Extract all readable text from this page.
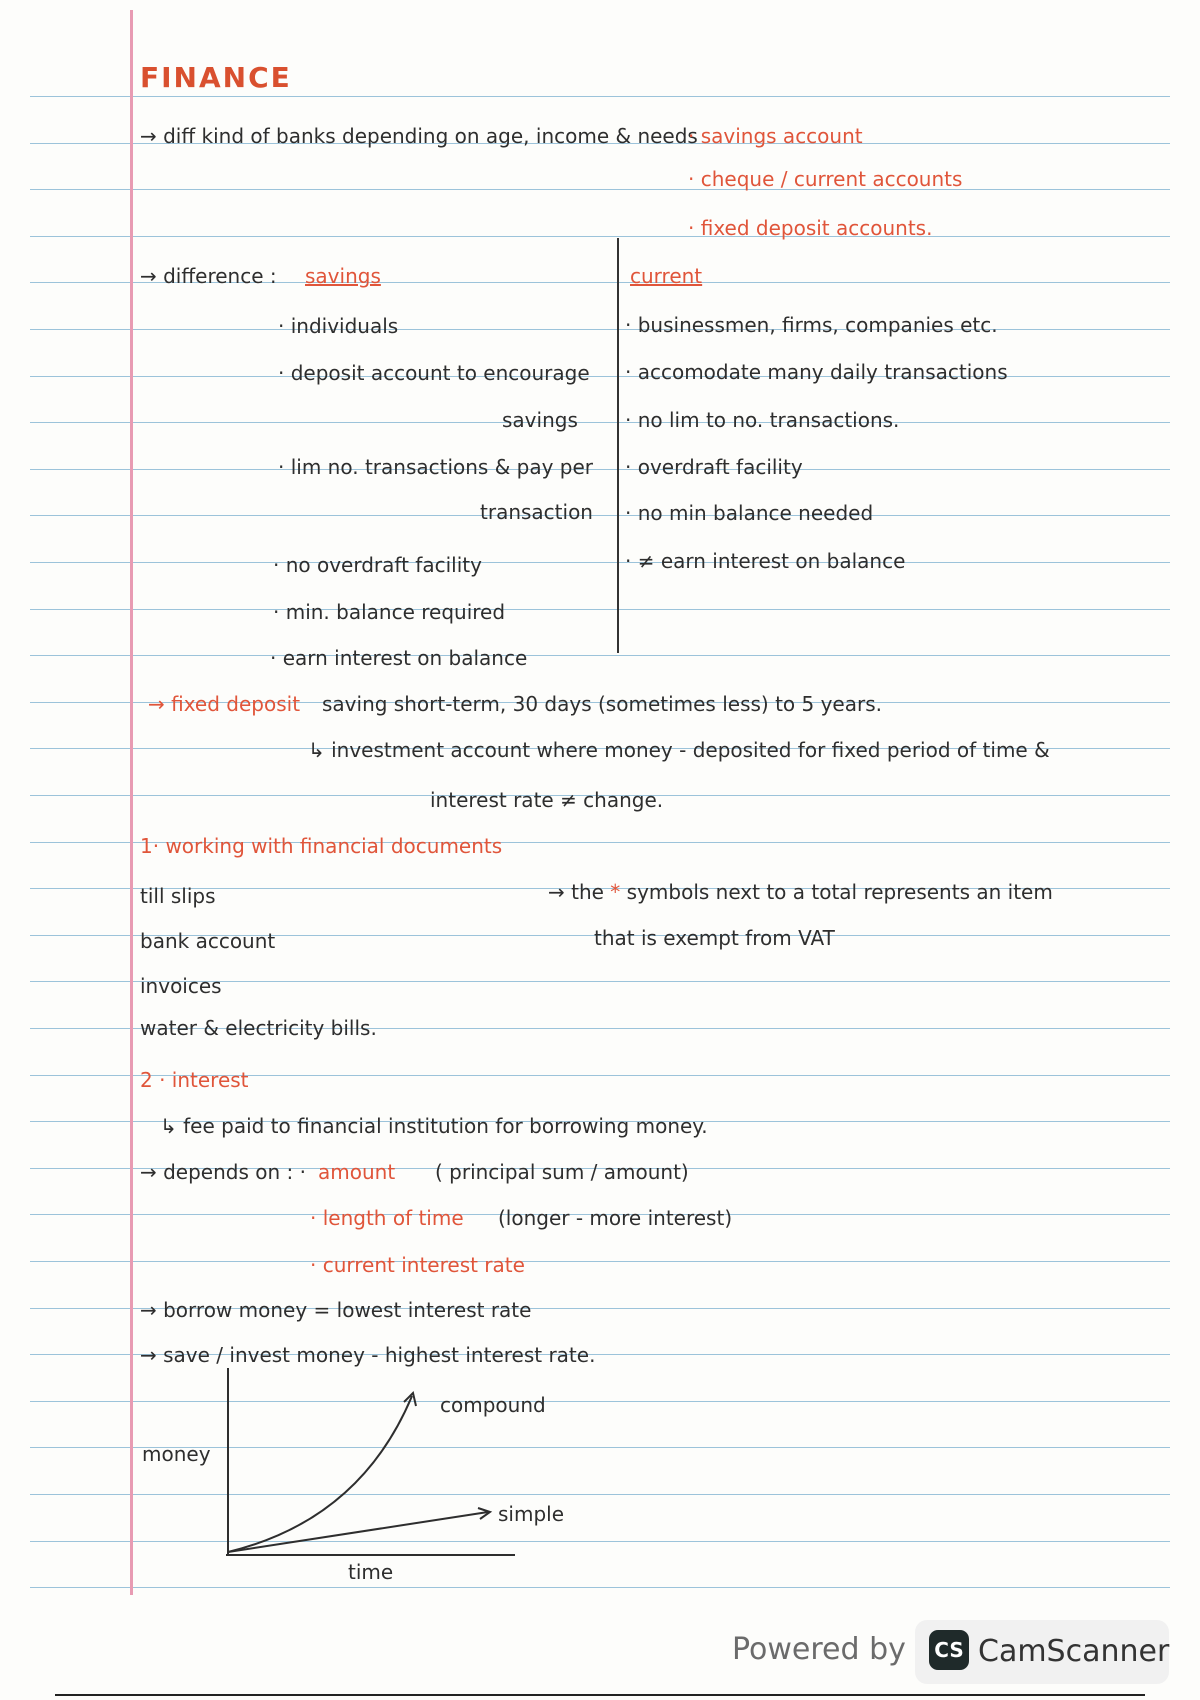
FINANCE
→ diff kind of banks depending on age, income & needs
· savings account
· cheque / current accounts
· fixed deposit accounts.
→ difference : savings	current
· individuals
· deposit account to encourage
savings
· lim no. transactions & pay per
transaction
· no overdraft facility
· min. balance required
· earn interest on balance
· businessmen, firms, companies etc.
· accomodate many daily transactions
· no lim to no. transactions.
· overdraft facility
· no min balance needed
· ≠ earn interest on balance
→ fixed deposit saving short-term, 30 days (sometimes less) to 5 years.
↳ investment account where money - deposited for fixed period of time &
interest rate ≠ change.
1· working with financial documents
till slips
bank account
invoices
water & electricity bills.
→ the * symbols next to a total represents an item
that is exempt from VAT
2 · interest
↳ fee paid to financial institution for borrowing money.
→ depends on : · amount ( principal sum / amount)
· length of time (longer - more interest)
· current interest rate
→ borrow money = lowest interest rate
→ save / invest money - highest interest rate.
money
time
compound
simple
Powered by CS CamScanner
